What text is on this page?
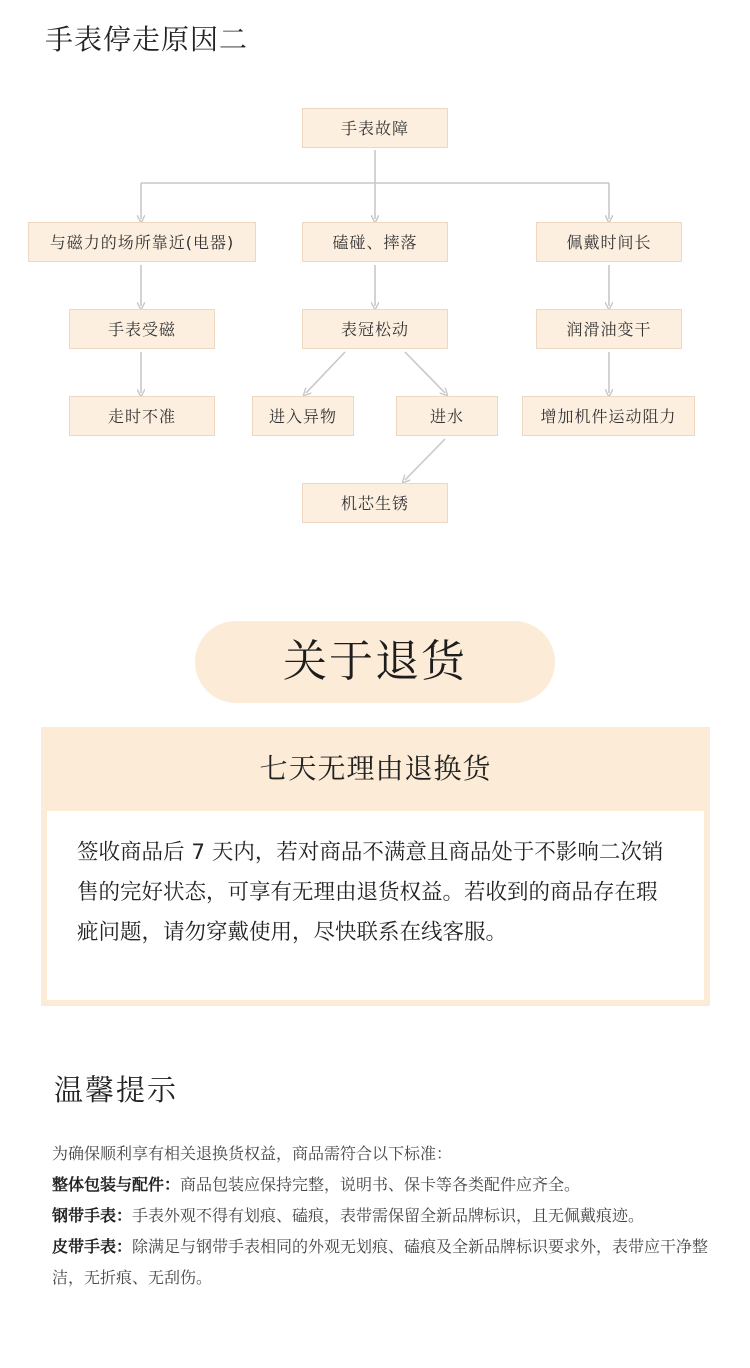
手表停走原因二
手表故障
与磁力的场所靠近(电器)	磕碰、摔落	佩戴时间长
手表受磁	表冠松动	润滑油变干
走时不准	进入异物	进水	增加机件运动阻力
机芯生锈
关于退货
七天无理由退换货
签收商品后 7 天内，若对商品不满意且商品处于不影响二次销售的完好状态，可享有无理由退货权益。若收到的商品存在瑕疵问题，请勿穿戴使用，尽快联系在线客服。
温馨提示

为确保顺利享有相关退换货权益，商品需符合以下标准：

整体包装与配件：商品包装应保持完整，说明书、保卡等各类配件应齐全。

钢带手表：手表外观不得有划痕、磕痕，表带需保留全新品牌标识，且无佩戴痕迹。

皮带手表：除满足与钢带手表相同的外观无划痕、磕痕及全新品牌标识要求外，表带应干净整洁，无折痕、无刮伤。
